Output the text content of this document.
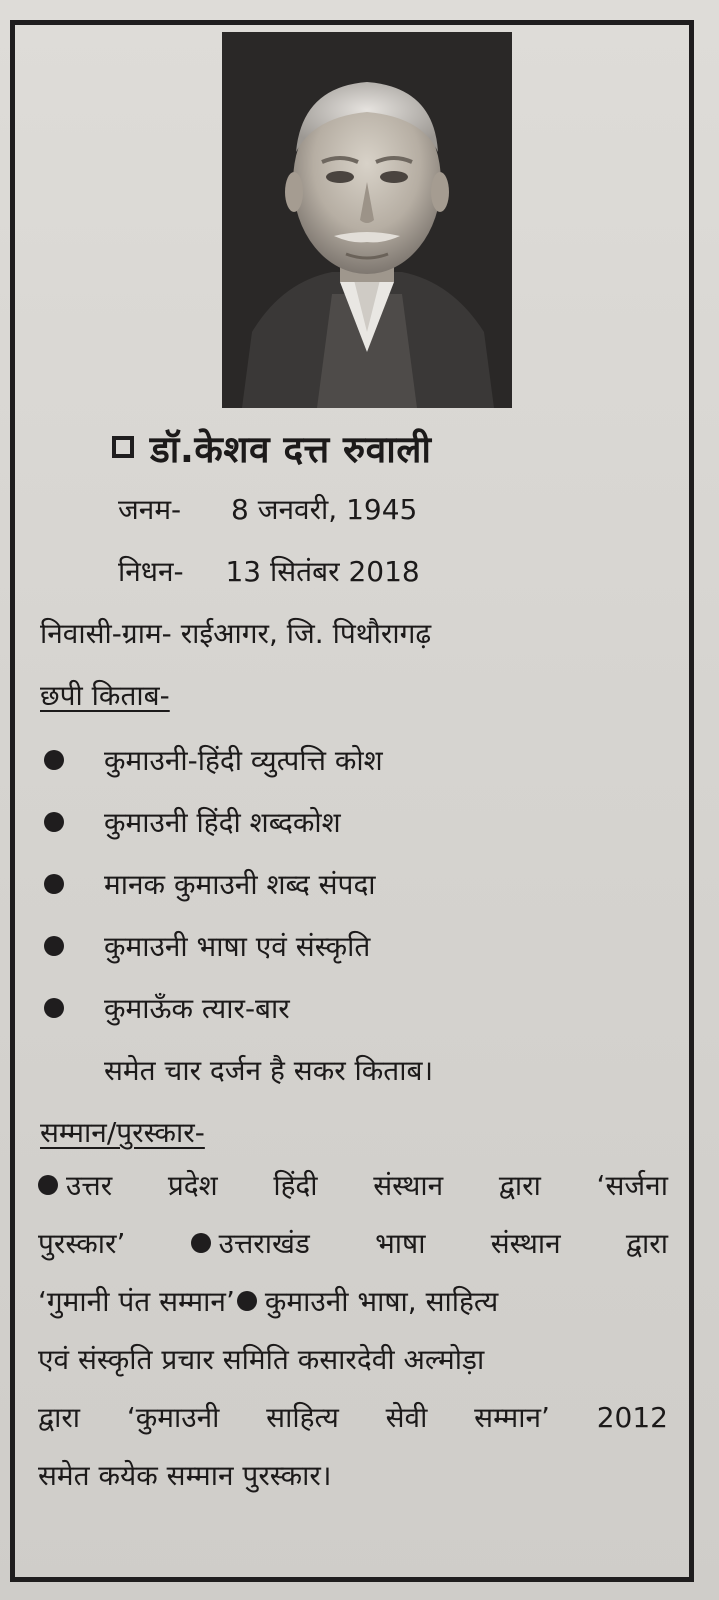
डॉ.केशव दत्त रुवाली
जनम- 8 जनवरी, 1945
निधन- 13 सितंबर 2018
निवासी-ग्राम- राईआगर, जि. पिथौरागढ़
छपी किताब-
कुमाउनी-हिंदी व्युत्पत्ति कोश
कुमाउनी हिंदी शब्दकोश
मानक कुमाउनी शब्द संपदा
कुमाउनी भाषा एवं संस्कृति
कुमाऊँक त्यार-बार
समेत चार दर्जन है सकर किताब।
सम्मान/पुरस्कार-
उत्तर प्रदेश हिंदी संस्थान द्वारा ‘सर्जना
पुरस्कार’	उत्तराखंड भाषा संस्थान द्वारा
‘गुमानी पंत सम्मान’ कुमाउनी भाषा, साहित्य
एवं संस्कृति प्रचार समिति कसारदेवी अल्मोड़ा
द्वारा ‘कुमाउनी साहित्य सेवी सम्मान’ 2012
समेत कयेक सम्मान पुरस्कार।
